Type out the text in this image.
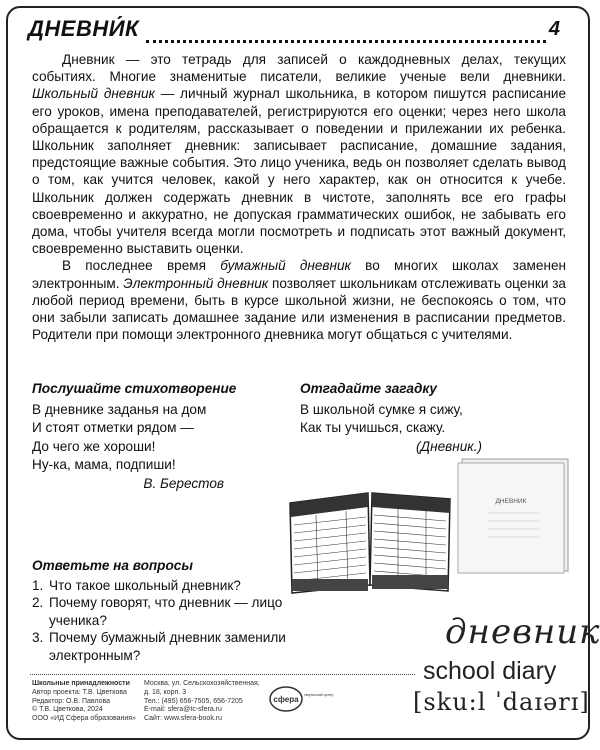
ДНЕВНИ́К	4

Дневник — это тетрадь для записей о каждодневных делах, текущих событиях. Многие знаменитые писатели, великие ученые вели дневники. Школьный дневник — личный журнал школьника, в котором пишутся расписание его уроков, имена преподавателей, регистрируются его оценки; через него школа обращается к родителям, рассказывает о поведении и прилежании их ребенка. Школьник заполняет дневник: записывает расписание, домашние задания, предстоящие важные события. Это лицо ученика, ведь он позволяет сделать вывод о том, как учится человек, какой у него характер, как он относится к учебе. Школьник должен содержать дневник в чистоте, заполнять все его графы своевременно и аккуратно, не допуская грамматических ошибок, не забывать его дома, чтобы учителя всегда могли посмотреть и подписать этот важный документ, своевременно выставить оценки.

В последнее время бумажный дневник во многих школах заменен электронным. Электронный дневник позволяет школьникам отслеживать оценки за любой период времени, быть в курсе школьной жизни, не беспокоясь о том, что они забыли записать домашнее задание или изменения в расписании предметов. Родители при помощи электронного дневника могут общаться с учителями.

Послушайте стихотворение
В дневнике заданья на дом
И стоят отметки рядом —
До чего же хороши!
Ну-ка, мама, подпиши!
В. Берестов
Отгадайте загадку
В школьной сумке я сижу,
Как ты учишься, скажу.
(Дневник.)
ДНЕВНИК
Ответьте на вопросы
1. Что такое школьный дневник?
2. Почему говорят, что дневник — лицо ученика?
3. Почему бумажный дневник заменили электронным?
дневник
school diary
[sku:l ˈdaɪərɪ]
Школьные принадлежности
Автор проекта: Т.В. Цветкова
Редактор: О.В. Павлова
© Т.В. Цветкова, 2024
ООО «ИД Сфера образования»
Москва, ул. Сельскохозяйственная,
д. 18, корп. 3
Тел.: (495) 656-7505, 656-7205
E-mail: sfera@tc-sfera.ru
Сайт: www.sfera-book.ru
сфера творческий центр
